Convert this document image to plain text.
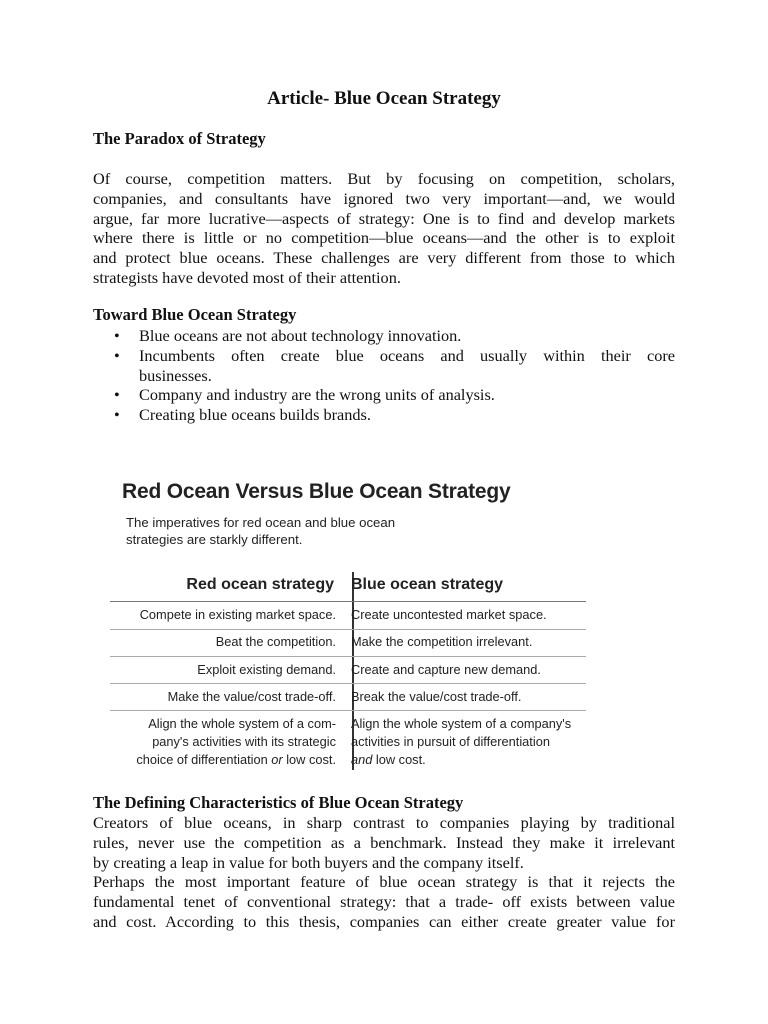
Article- Blue Ocean Strategy
The Paradox of Strategy
Of course, competition matters. But by focusing on competition, scholars,
companies, and consultants have ignored two very important—and, we would
argue, far more lucrative—aspects of strategy: One is to find and develop markets
where there is little or no competition—blue oceans—and the other is to exploit
and protect blue oceans. These challenges are very different from those to which
strategists have devoted most of their attention.
Toward Blue Ocean Strategy
• Blue oceans are not about technology innovation.
• Incumbents often create blue oceans and usually within their core
businesses.
• Company and industry are the wrong units of analysis.
• Creating blue oceans builds brands.
Red Ocean Versus Blue Ocean Strategy
The imperatives for red ocean and blue ocean
strategies are starkly different.
Red ocean strategy Blue ocean strategy
Compete in existing market space. Create uncontested market space.
Beat the competition. Make the competition irrelevant.
Exploit existing demand. Create and capture new demand.
Make the value/cost trade-off. Break the value/cost trade-off.
Align the whole system of a com-
pany's activities with its strategic
choice of differentiation or low cost.
Align the whole system of a company's
activities in pursuit of differentiation
and low cost.
The Defining Characteristics of Blue Ocean Strategy
Creators of blue oceans, in sharp contrast to companies playing by traditional
rules, never use the competition as a benchmark. Instead they make it irrelevant
by creating a leap in value for both buyers and the company itself.
Perhaps the most important feature of blue ocean strategy is that it rejects the
fundamental tenet of conventional strategy: that a trade- off exists between value
and cost. According to this thesis, companies can either create greater value for
